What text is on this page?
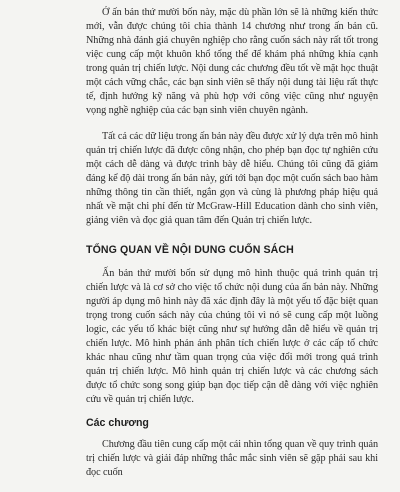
Ở ấn bản thứ mười bốn này, mặc dù phần lớn sẽ là những kiến thức mới, vẫn được chúng tôi chia thành 14 chương như trong ấn bản cũ. Những nhà đánh giá chuyên nghiệp cho rằng cuốn sách này rất tốt trong việc cung cấp một khuôn khổ tổng thể để khám phá những khía cạnh trong quản trị chiến lược. Nội dung các chương đều tốt về mặt học thuật một cách vững chắc, các bạn sinh viên sẽ thấy nội dung tài liệu rất thực tế, định hướng kỹ năng và phù hợp với công việc cũng như nguyện vọng nghề nghiệp của các bạn sinh viên chuyên ngành.

Tất cả các dữ liệu trong ấn bản này đều được xử lý dựa trên mô hình quản trị chiến lược đã được công nhận, cho phép bạn đọc tự nghiên cứu một cách dễ dàng và được trình bày dễ hiểu. Chúng tôi cũng đã giảm đáng kể độ dài trong ấn bản này, gửi tới bạn đọc một cuốn sách bao hàm những thông tin cần thiết, ngắn gọn và cùng là phương pháp hiệu quả nhất về mặt chi phí đến từ McGraw-Hill Education dành cho sinh viên, giảng viên và đọc giả quan tâm đến Quản trị chiến lược.

TỔNG QUAN VỀ NỘI DUNG CUỐN SÁCH

Ấn bản thứ mười bốn sử dụng mô hình thuộc quá trình quản trị chiến lược và là cơ sở cho việc tổ chức nội dung của ấn bản này. Những người áp dụng mô hình này đã xác định đây là một yếu tố đặc biệt quan trọng trong cuốn sách này của chúng tôi vì nó sẽ cung cấp một luồng logic, các yếu tố khác biệt cũng như sự hướng dẫn dễ hiểu về quản trị chiến lược. Mô hình phản ánh phân tích chiến lược ở các cấp tổ chức khác nhau cũng như tầm quan trọng của việc đổi mới trong quá trình quản trị chiến lược. Mô hình quản trị chiến lược và các chương sách được tổ chức song song giúp bạn đọc tiếp cận dễ dàng với việc nghiên cứu về quản trị chiến lược.

Các chương

Chương đầu tiên cung cấp một cái nhìn tổng quan về quy trình quản trị chiến lược và giải đáp những thắc mắc sinh viên sẽ gặp phải sau khi đọc cuốn
